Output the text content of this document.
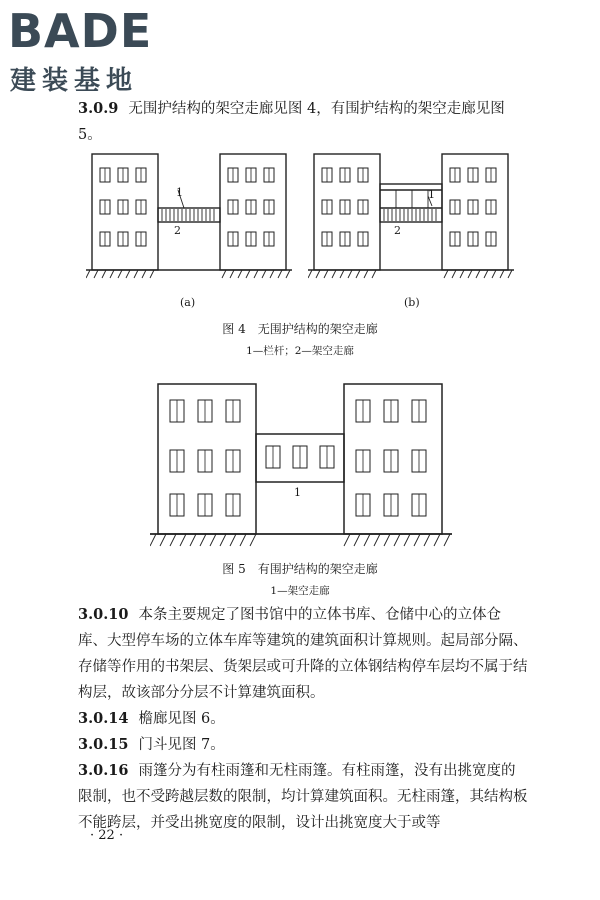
BADE
建装基地
3.0.9 无围护结构的架空走廊见图 4，有围护结构的架空走廊见图 5。
1
2
(a)
1
2
(b)
图 4　无围护结构的架空走廊
1—栏杆；2—架空走廊
1
图 5　有围护结构的架空走廊
1—架空走廊
3.0.10 本条主要规定了图书馆中的立体书库、仓储中心的立体仓库、大型停车场的立体车库等建筑的建筑面积计算规则。起局部分隔、存储等作用的书架层、货架层或可升降的立体钢结构停车层均不属于结构层，故该部分分层不计算建筑面积。
3.0.14 檐廊见图 6。
3.0.15 门斗见图 7。
3.0.16 雨篷分为有柱雨篷和无柱雨篷。有柱雨篷，没有出挑宽度的限制，也不受跨越层数的限制，均计算建筑面积。无柱雨篷，其结构板不能跨层，并受出挑宽度的限制，设计出挑宽度大于或等
· 22 ·
